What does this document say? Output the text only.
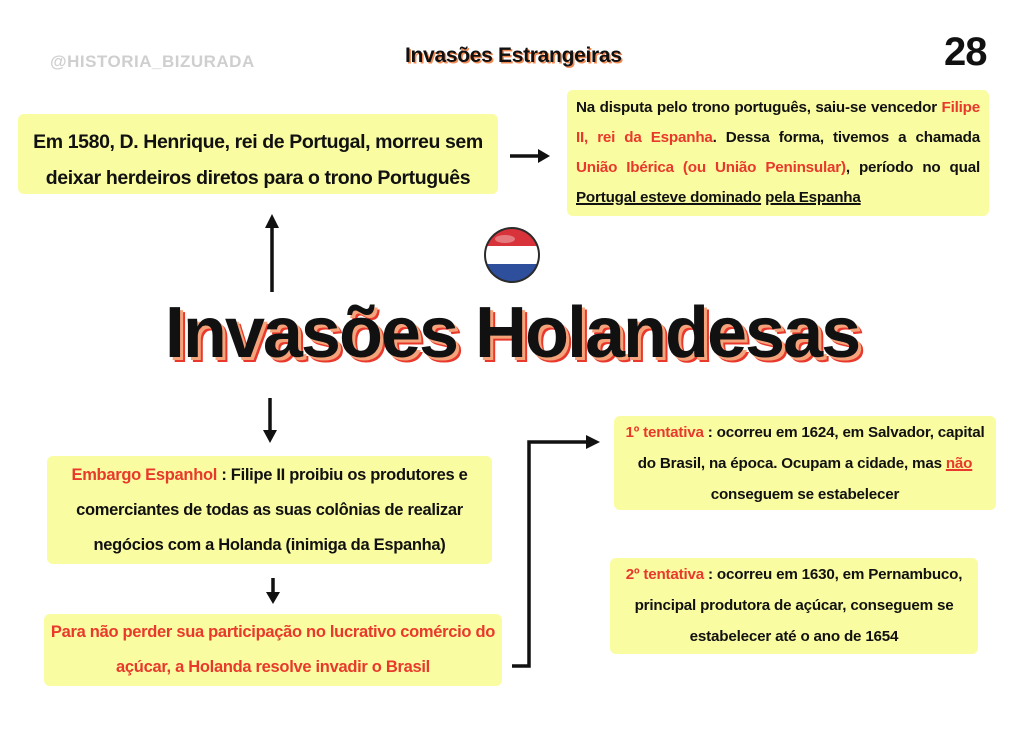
@HISTORIA_BIZURADA	Invasões Estrangeiras	28

Em 1580, D. Henrique, rei de Portugal, morreu sem
deixar herdeiros diretos para o trono Português

Na disputa pelo trono português, saiu-se vencedor Filipe II, rei da Espanha. Dessa forma, tivemos a chamada União Ibérica (ou União Peninsular), período no qual Portugal esteve dominado pela Espanha

Invasões Holandesas

Embargo Espanhol : Filipe II proibiu os produtores e comerciantes de todas as suas colônias de realizar negócios com a Holanda (inimiga da Espanha)

Para não perder sua participação no lucrativo comércio do açúcar, a Holanda resolve invadir o Brasil

1º tentativa : ocorreu em 1624, em Salvador, capital do Brasil, na época. Ocupam a cidade, mas não conseguem se estabelecer

2º tentativa : ocorreu em 1630, em Pernambuco, principal produtora de açúcar, conseguem se estabelecer até o ano de 1654
